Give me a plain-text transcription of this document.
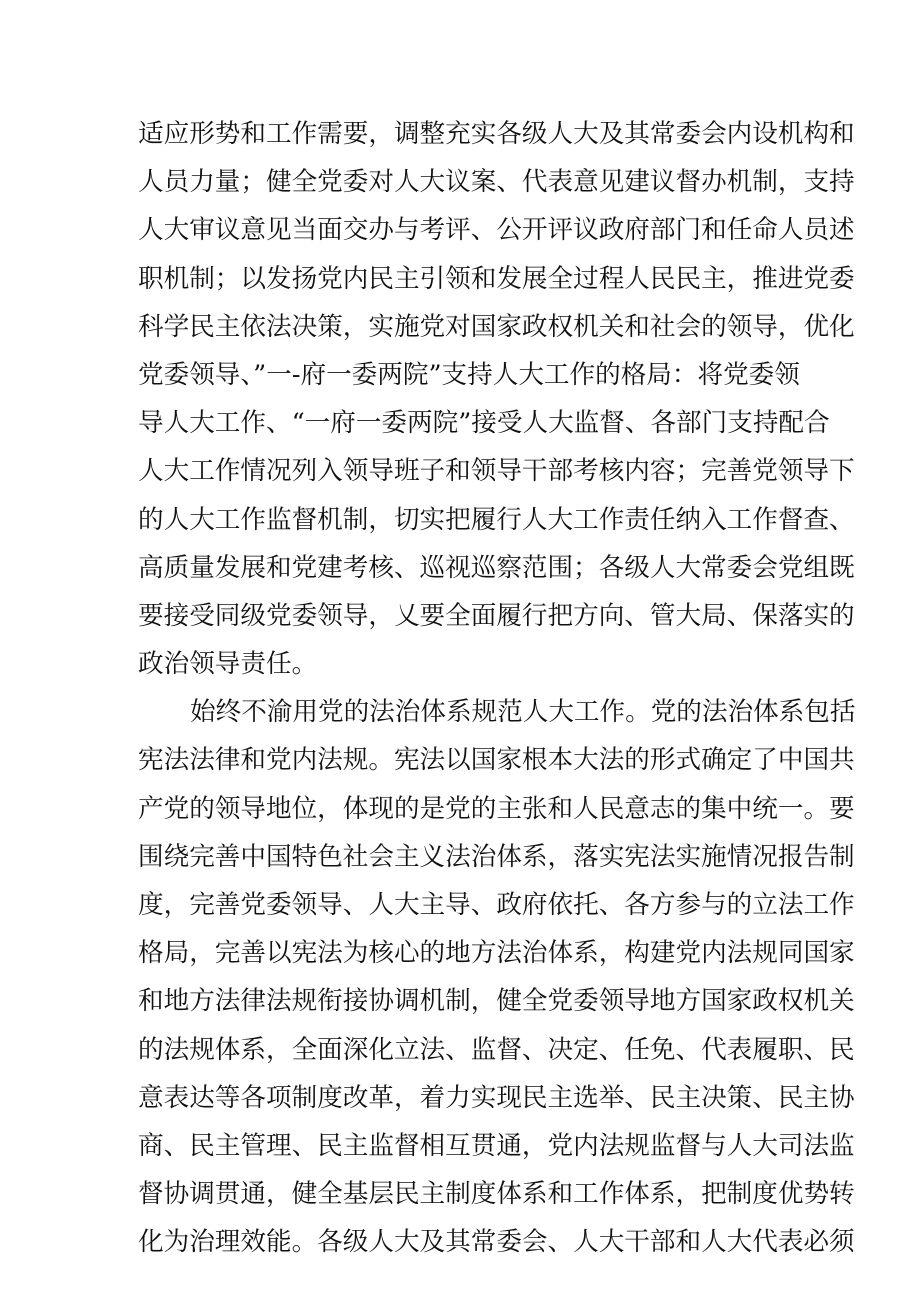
适应形势和工作需要，调整充实各级人大及其常委会内设机构和
人员力量；健全党委对人大议案、代表意见建议督办机制，支持
人大审议意见当面交办与考评、公开评议政府部门和任命人员述
职机制；以发扬党内民主引领和发展全过程人民民主，推进党委
科学民主依法决策，实施党对国家政权机关和社会的领导，优化
党委领导、”一-府一委两院”支持人大工作的格局：将党委领
导人大工作、“一府一委两院”接受人大监督、各部门支持配合
人大工作情况列入领导班子和领导干部考核内容；完善党领导下
的人大工作监督机制，切实把履行人大工作责任纳入工作督查、
高质量发展和党建考核、巡视巡察范围；各级人大常委会党组既
要接受同级党委领导，乂要全面履行把方向、管大局、保落实的
政治领导责任。
始终不渝用党的法治体系规范人大工作。党的法治体系包括
宪法法律和党内法规。宪法以国家根本大法的形式确定了中国共
产党的领导地位，体现的是党的主张和人民意志的集中统一。要
围绕完善中国特色社会主义法治体系，落实宪法实施情况报告制
度，完善党委领导、人大主导、政府依托、各方参与的立法工作
格局，完善以宪法为核心的地方法治体系，构建党内法规同国家
和地方法律法规衔接协调机制，健全党委领导地方国家政权机关
的法规体系，全面深化立法、监督、决定、任免、代表履职、民
意表达等各项制度改革，着力实现民主选举、民主决策、民主协
商、民主管理、民主监督相互贯通，党内法规监督与人大司法监
督协调贯通，健全基层民主制度体系和工作体系，把制度优势转
化为治理效能。各级人大及其常委会、人大干部和人大代表必须
